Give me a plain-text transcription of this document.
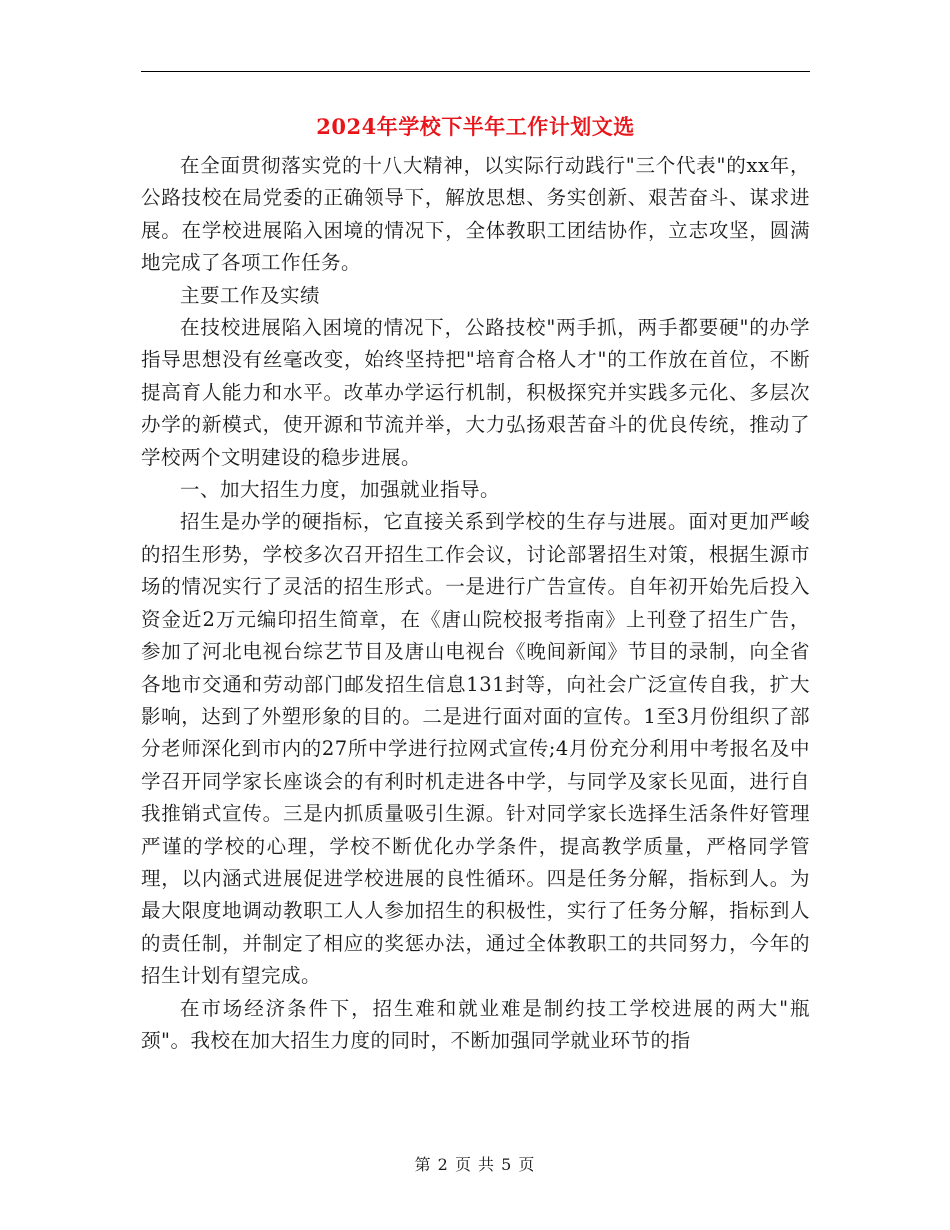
2024年学校下半年工作计划文选

在全面贯彻落实党的十八大精神，以实际行动践行"三个代表"的xx年，公路技校在局党委的正确领导下，解放思想、务实创新、艰苦奋斗、谋求进展。在学校进展陷入困境的情况下，全体教职工团结协作，立志攻坚，圆满地完成了各项工作任务。

主要工作及实绩

在技校进展陷入困境的情况下，公路技校"两手抓，两手都要硬"的办学指导思想没有丝毫改变，始终坚持把"培育合格人才"的工作放在首位，不断提高育人能力和水平。改革办学运行机制，积极探究并实践多元化、多层次办学的新模式，使开源和节流并举，大力弘扬艰苦奋斗的优良传统，推动了学校两个文明建设的稳步进展。

一、加大招生力度，加强就业指导。

招生是办学的硬指标，它直接关系到学校的生存与进展。面对更加严峻的招生形势，学校多次召开招生工作会议，讨论部署招生对策，根据生源市场的情况实行了灵活的招生形式。一是进行广告宣传。自年初开始先后投入资金近2万元编印招生简章，在《唐山院校报考指南》上刊登了招生广告，参加了河北电视台综艺节目及唐山电视台《晚间新闻》节目的录制，向全省各地市交通和劳动部门邮发招生信息131封等，向社会广泛宣传自我，扩大影响，达到了外塑形象的目的。二是进行面对面的宣传。1至3月份组织了部分老师深化到市内的27所中学进行拉网式宣传;4月份充分利用中考报名及中学召开同学家长座谈会的有利时机走进各中学，与同学及家长见面，进行自我推销式宣传。三是内抓质量吸引生源。针对同学家长选择生活条件好管理严谨的学校的心理，学校不断优化办学条件，提高教学质量，严格同学管理，以内涵式进展促进学校进展的良性循环。四是任务分解，指标到人。为最大限度地调动教职工人人参加招生的积极性，实行了任务分解，指标到人的责任制，并制定了相应的奖惩办法，通过全体教职工的共同努力，今年的招生计划有望完成。

在市场经济条件下，招生难和就业难是制约技工学校进展的两大"瓶颈"。我校在加大招生力度的同时，不断加强同学就业环节的指

第 2 页 共 5 页
